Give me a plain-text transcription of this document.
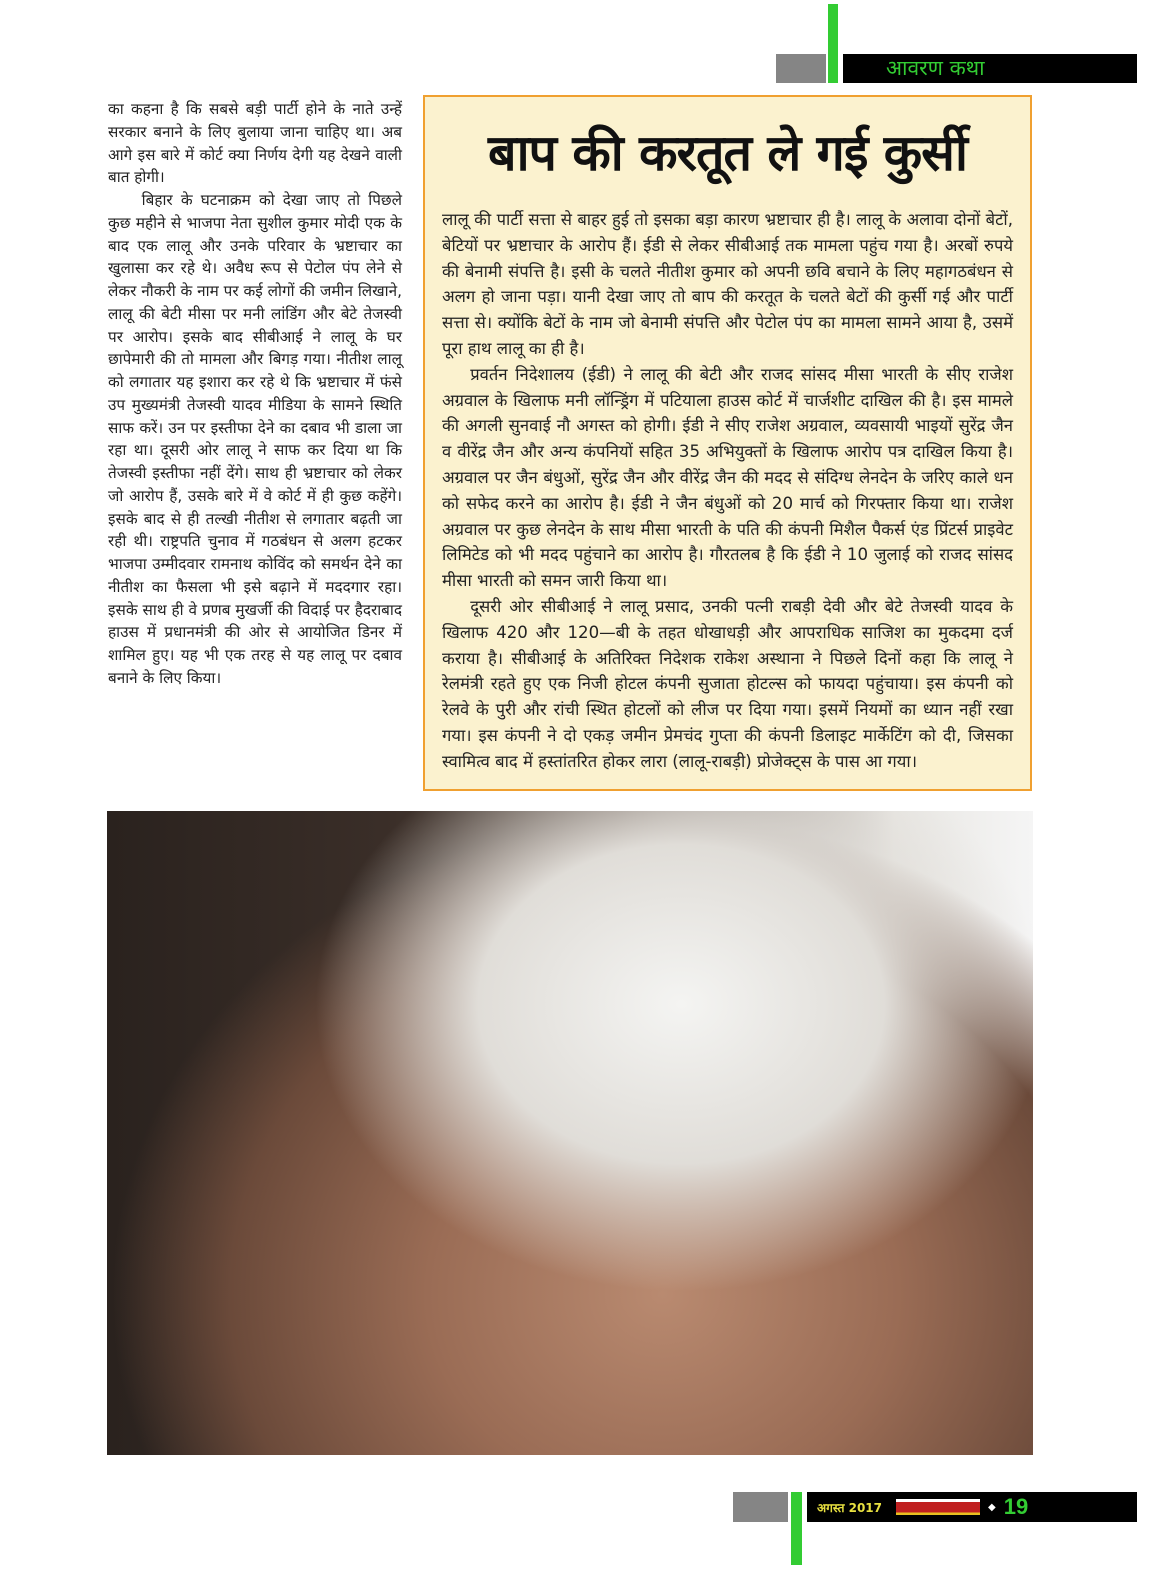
आवरण कथा

का कहना है कि सबसे बड़ी पार्टी होने के नाते उन्हें सरकार बनाने के लिए बुलाया जाना चाहिए था। अब आगे इस बारे में कोर्ट क्या निर्णय देगी यह देखने वाली बात होगी।

बिहार के घटनाक्रम को देखा जाए तो पिछले कुछ महीने से भाजपा नेता सुशील कुमार मोदी एक के बाद एक लालू और उनके परिवार के भ्रष्टाचार का खुलासा कर रहे थे। अवैध रूप से पेटोल पंप लेने से लेकर नौकरी के नाम पर कई लोगों की जमीन लिखाने, लालू की बेटी मीसा पर मनी लांडिंग और बेटे तेजस्वी पर आरोप। इसके बाद सीबीआई ने लालू के घर छापेमारी की तो मामला और बिगड़ गया। नीतीश लालू को लगातार यह इशारा कर रहे थे कि भ्रष्टाचार में फंसे उप मुख्यमंत्री तेजस्वी यादव मीडिया के सामने स्थिति साफ करें। उन पर इस्तीफा देने का दबाव भी डाला जा रहा था। दूसरी ओर लालू ने साफ कर दिया था कि तेजस्वी इस्तीफा नहीं देंगे। साथ ही भ्रष्टाचार को लेकर जो आरोप हैं, उसके बारे में वे कोर्ट में ही कुछ कहेंगे। इसके बाद से ही तल्खी नीतीश से लगातार बढ़ती जा रही थी। राष्ट्रपति चुनाव में गठबंधन से अलग हटकर भाजपा उम्मीदवार रामनाथ कोविंद को समर्थन देने का नीतीश का फैसला भी इसे बढ़ाने में मददगार रहा। इसके साथ ही वे प्रणब मुखर्जी की विदाई पर हैदराबाद हाउस में प्रधानमंत्री की ओर से आयोजित डिनर में शामिल हुए। यह भी एक तरह से यह लालू पर दबाव बनाने के लिए किया।

बाप की करतूत ले गई कुर्सी

लालू की पार्टी सत्ता से बाहर हुई तो इसका बड़ा कारण भ्रष्टाचार ही है। लालू के अलावा दोनों बेटों, बेटियों पर भ्रष्टाचार के आरोप हैं। ईडी से लेकर सीबीआई तक मामला पहुंच गया है। अरबों रुपये की बेनामी संपत्ति है। इसी के चलते नीतीश कुमार को अपनी छवि बचाने के लिए महागठबंधन से अलग हो जाना पड़ा। यानी देखा जाए तो बाप की करतूत के चलते बेटों की कुर्सी गई और पार्टी सत्ता से। क्योंकि बेटों के नाम जो बेनामी संपत्ति और पेटोल पंप का मामला सामने आया है, उसमें पूरा हाथ लालू का ही है।

प्रवर्तन निदेशालय (ईडी) ने लालू की बेटी और राजद सांसद मीसा भारती के सीए राजेश अग्रवाल के खिलाफ मनी लॉन्ड्रिंग में पटियाला हाउस कोर्ट में चार्जशीट दाखिल की है। इस मामले की अगली सुनवाई नौ अगस्त को होगी। ईडी ने सीए राजेश अग्रवाल, व्यवसायी भाइयों सुरेंद्र जैन व वीरेंद्र जैन और अन्य कंपनियों सहित 35 अभियुक्तों के खिलाफ आरोप पत्र दाखिल किया है। अग्रवाल पर जैन बंधुओं, सुरेंद्र जैन और वीरेंद्र जैन की मदद से संदिग्ध लेनदेन के जरिए काले धन को सफेद करने का आरोप है। ईडी ने जैन बंधुओं को 20 मार्च को गिरफ्तार किया था। राजेश अग्रवाल पर कुछ लेनदेन के साथ मीसा भारती के पति की कंपनी मिशैल पैकर्स एंड प्रिंटर्स प्राइवेट लिमिटेड को भी मदद पहुंचाने का आरोप है। गौरतलब है कि ईडी ने 10 जुलाई को राजद सांसद मीसा भारती को समन जारी किया था।

दूसरी ओर सीबीआई ने लालू प्रसाद, उनकी पत्नी राबड़ी देवी और बेटे तेजस्वी यादव के खिलाफ 420 और 120—बी के तहत धोखाधड़ी और आपराधिक साजिश का मुकदमा दर्ज कराया है। सीबीआई के अतिरिक्त निदेशक राकेश अस्थाना ने पिछले दिनों कहा कि लालू ने रेलमंत्री रहते हुए एक निजी होटल कंपनी सुजाता होटल्स को फायदा पहुंचाया। इस कंपनी को रेलवे के पुरी और रांची स्थित होटलों को लीज पर दिया गया। इसमें नियमों का ध्यान नहीं रखा गया। इस कंपनी ने दो एकड़ जमीन प्रेमचंद गुप्ता की कंपनी डिलाइट मार्केटिंग को दी, जिसका स्वामित्व बाद में हस्तांतरित होकर लारा (लालू-राबड़ी) प्रोजेक्ट्स के पास आ गया।

अगस्त 2017	◆ 19
